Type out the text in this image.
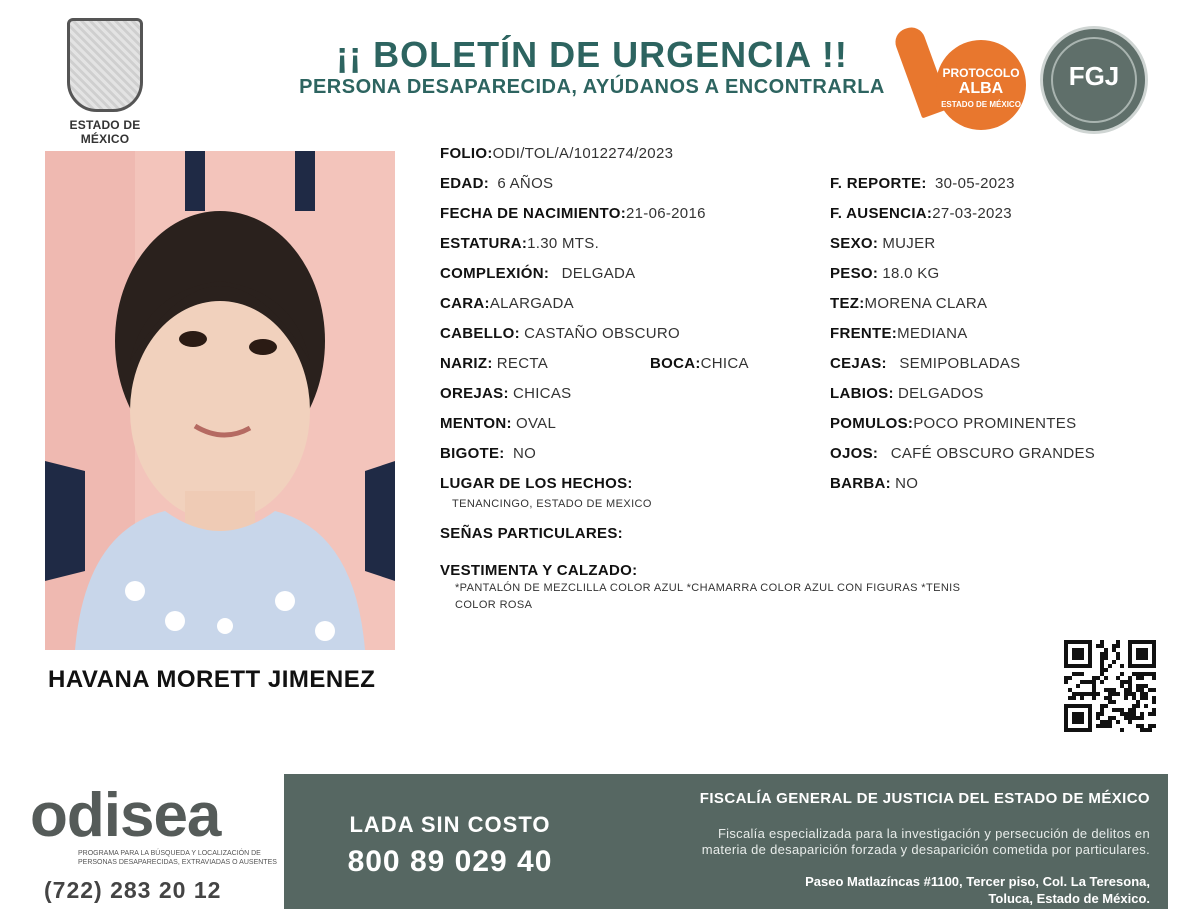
ESTADO DE MÉXICO
¡¡ BOLETÍN DE URGENCIA !!
PERSONA DESAPARECIDA, AYÚDANOS A ENCONTRARLA
PROTOCOLO
ALBA
ESTADO DE MÉXICO
FGJ
HAVANA MORETT JIMENEZ
FOLIO:ODI/TOL/A/1012274/2023
EDAD: 6 AÑOS
FECHA DE NACIMIENTO:21-06-2016
ESTATURA:1.30 MTS.
COMPLEXIÓN: DELGADA
CARA:ALARGADA
CABELLO: CASTAÑO OBSCURO
NARIZ: RECTA	BOCA:CHICA
OREJAS: CHICAS
MENTON: OVAL
BIGOTE: NO
LUGAR DE LOS HECHOS:
TENANCINGO, ESTADO DE MEXICO
SEÑAS PARTICULARES:
VESTIMENTA Y CALZADO:
*PANTALÓN DE MEZCLILLA COLOR AZUL *CHAMARRA COLOR AZUL CON FIGURAS *TENIS
COLOR ROSA
F. REPORTE: 30-05-2023
F. AUSENCIA:27-03-2023
SEXO: MUJER
PESO: 18.0 KG
TEZ:MORENA CLARA
FRENTE:MEDIANA
CEJAS: SEMIPOBLADAS
LABIOS: DELGADOS
POMULOS:POCO PROMINENTES
OJOS: CAFÉ OBSCURO GRANDES
BARBA: NO
odisea
PROGRAMA PARA LA BÚSQUEDA Y LOCALIZACIÓN DE PERSONAS DESAPARECIDAS, EXTRAVIADAS O AUSENTES
(722) 283 20 12
LADA SIN COSTO
800 89 029 40
FISCALÍA GENERAL DE JUSTICIA DEL ESTADO DE MÉXICO
Fiscalía especializada para la investigación y persecución de delitos en
materia de desaparición forzada y desaparición cometida por particulares.
Paseo Matlazíncas #1100, Tercer piso, Col. La Teresona,
Toluca, Estado de México.
